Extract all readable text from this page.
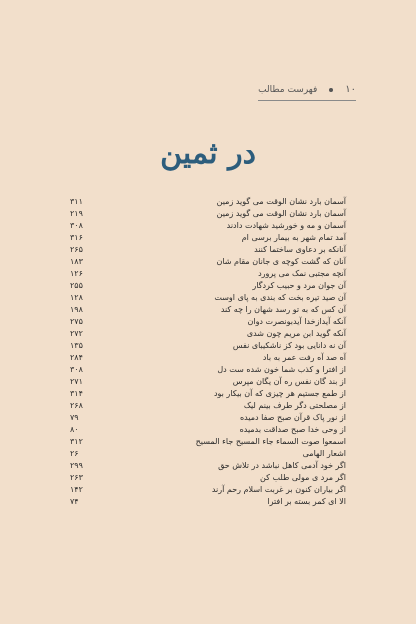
۱۰
فهرست مطالب
در ثمین
۳۱۱	آسمان بارد نشان الوقت می گوید زمین
۲۱۹	آسمان بارد نشان الوقت می گوید زمین
۳۰۸	آسمان و مه و خورشید شهادت دادند
۳۱۶	آمد تمام شهر به بیمار برسی ام
۲۶۵	آنانکه بر دعاوی ساختما کنند
۱۸۳	آنان که گشت کوچه ی جانان مقام شان
۱۲۶	آنچه مجتبی نمک می پرورد
۲۵۵	آن جوان مرد و حبیب کردگار
۱۲۸	آن صید تیره بخت که بندی به پای اوست
۱۹۸	آن کس که به تو رسد شهان را چه کند
۲۷۵	آنکه آیدازخدا آیدبونصرت دوان
۲۷۲	آنکه گوید ابن مریم چون شدی
۱۳۵	آن نه دانایی بود کز ناشکیبای نفس
۲۸۴	آه صد آه رفت عمر به باد
۳۰۸	از افترا و کذب شما خون شده ست دل
۲۷۱	از بند گان نفس ره آن یگان مپرس
۳۱۴	از طمع جستیم هر چیزی که آن بیکار بود
۲۶۸	از مصلحتی دگر طرف بینم لیک
۷۹	از نور پاک قرآن صبح صفا دمیده
۸۰	از وحی خدا صبح صداقت بدمیده
۳۱۲	اسمعوا صوت السماء جاء المسیح جاء المسیح
۲۶	اشعار الهامی
۲۹۹	اگر خود آدمی کاهل نباشد در تلاش حق
۲۶۳	اگر مرد ی مولی طلب کن
۱۴۲	اگر بیاران کنون بر غربت اسلام رحم آرند
۷۴	الا ای کمر بسته بر افترا
